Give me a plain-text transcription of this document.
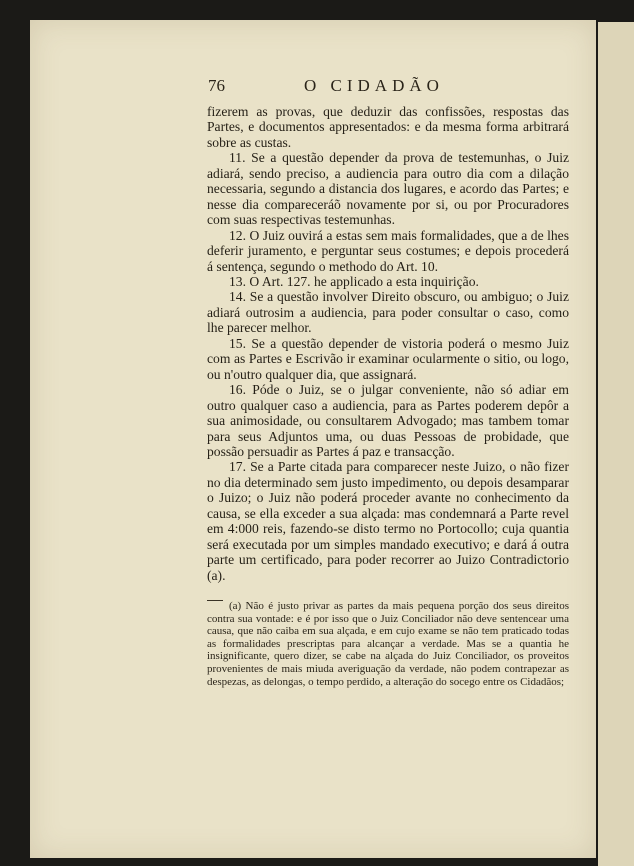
76	O CIDADÃO

fizerem as provas, que deduzir das confissões, respostas das Partes, e documentos appresentados: e da mesma forma arbitrará sobre as custas.

11. Se a questão depender da prova de testemunhas, o Juiz adiará, sendo preciso, a audiencia para outro dia com a dilação necessaria, segundo a distancia dos lugares, e acordo das Partes; e nesse dia compareceráõ novamente por si, ou por Procuradores com suas respectivas testemunhas.

12. O Juiz ouvirá a estas sem mais formalidades, que a de lhes deferir juramento, e perguntar seus costumes; e depois procederá á sentença, segundo o methodo do Art. 10.

13. O Art. 127. he applicado a esta inquirição.

14. Se a questão involver Direito obscuro, ou ambiguo; o Juiz adiará outrosim a audiencia, para poder consultar o caso, como lhe parecer melhor.

15. Se a questão depender de vistoria poderá o mesmo Juiz com as Partes e Escrivão ir examinar ocularmente o sitio, ou logo, ou n'outro qualquer dia, que assignará.

16. Póde o Juiz, se o julgar conveniente, não só adiar em outro qualquer caso a audiencia, para as Partes poderem depôr a sua animosidade, ou consultarem Advogado; mas tambem tomar para seus Adjuntos uma, ou duas Pessoas de probidade, que possão persuadir as Partes á paz e transacção.

17. Se a Parte citada para comparecer neste Juizo, o não fizer no dia determinado sem justo impedimento, ou depois desamparar o Juizo; o Juiz não poderá proceder avante no conhecimento da causa, se ella exceder a sua alçada: mas condemnará a Parte revel em 4:000 reis, fazendo-se disto termo no Portocollo; cuja quantia será executada por um simples mandado executivo; e dará á outra parte um certificado, para poder recorrer ao Juizo Contradictorio (a).

(a) Não é justo privar as partes da mais pequena porção dos seus direitos contra sua vontade: e é por isso que o Juiz Conciliador não deve sentencear uma causa, que não caiba em sua alçada, e em cujo exame se não tem praticado todas as formalidades prescriptas para alcançar a verdade. Mas se a quantia he insignificante, quero dizer, se cabe na alçada do Juiz Conciliador, os proveitos provenientes de mais miuda averiguação da verdade, não podem contrapezar as despezas, as delongas, o tempo perdido, a alteração do socego entre os Cidadãos;
